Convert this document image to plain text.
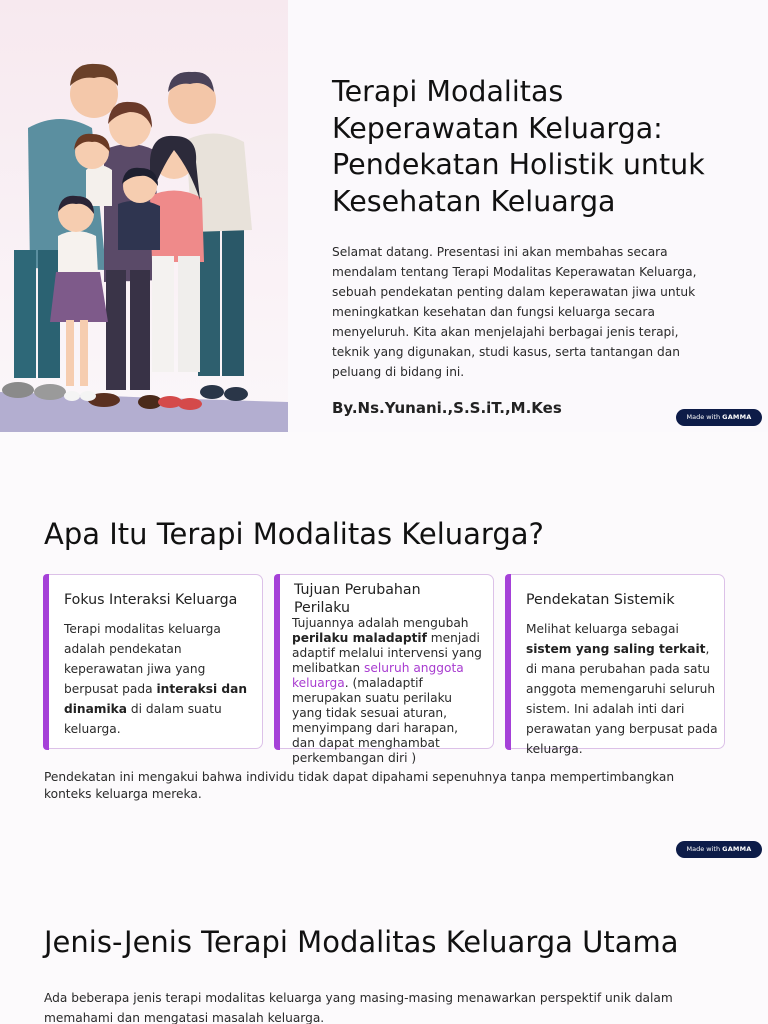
Terapi Modalitas Keperawatan Keluarga: Pendekatan Holistik untuk Kesehatan Keluarga

Selamat datang. Presentasi ini akan membahas secara mendalam tentang Terapi Modalitas Keperawatan Keluarga, sebuah pendekatan penting dalam keperawatan jiwa untuk meningkatkan kesehatan dan fungsi keluarga secara menyeluruh. Kita akan menjelajahi berbagai jenis terapi, teknik yang digunakan, studi kasus, serta tantangan dan peluang di bidang ini.

By.Ns.Yunani.,S.S.iT.,M.Kes	Made with GAMMA
Apa Itu Terapi Modalitas Keluarga?
Fokus Interaksi Keluarga
Terapi modalitas keluarga adalah pendekatan keperawatan jiwa yang berpusat pada interaksi dan dinamika di dalam suatu keluarga.
Tujuan Perubahan Perilaku
Tujuannya adalah mengubah perilaku maladaptif menjadi adaptif melalui intervensi yang melibatkan seluruh anggota keluarga. (maladaptif merupakan suatu perilaku yang tidak sesuai aturan, menyimpang dari harapan, dan dapat menghambat perkembangan diri )
Pendekatan Sistemik
Melihat keluarga sebagai sistem yang saling terkait, di mana perubahan pada satu anggota memengaruhi seluruh sistem. Ini adalah inti dari perawatan yang berpusat pada keluarga.

Pendekatan ini mengakui bahwa individu tidak dapat dipahami sepenuhnya tanpa mempertimbangkan konteks keluarga mereka.

Made with GAMMA
Jenis-Jenis Terapi Modalitas Keluarga Utama

Ada beberapa jenis terapi modalitas keluarga yang masing-masing menawarkan perspektif unik dalam memahami dan mengatasi masalah keluarga.
